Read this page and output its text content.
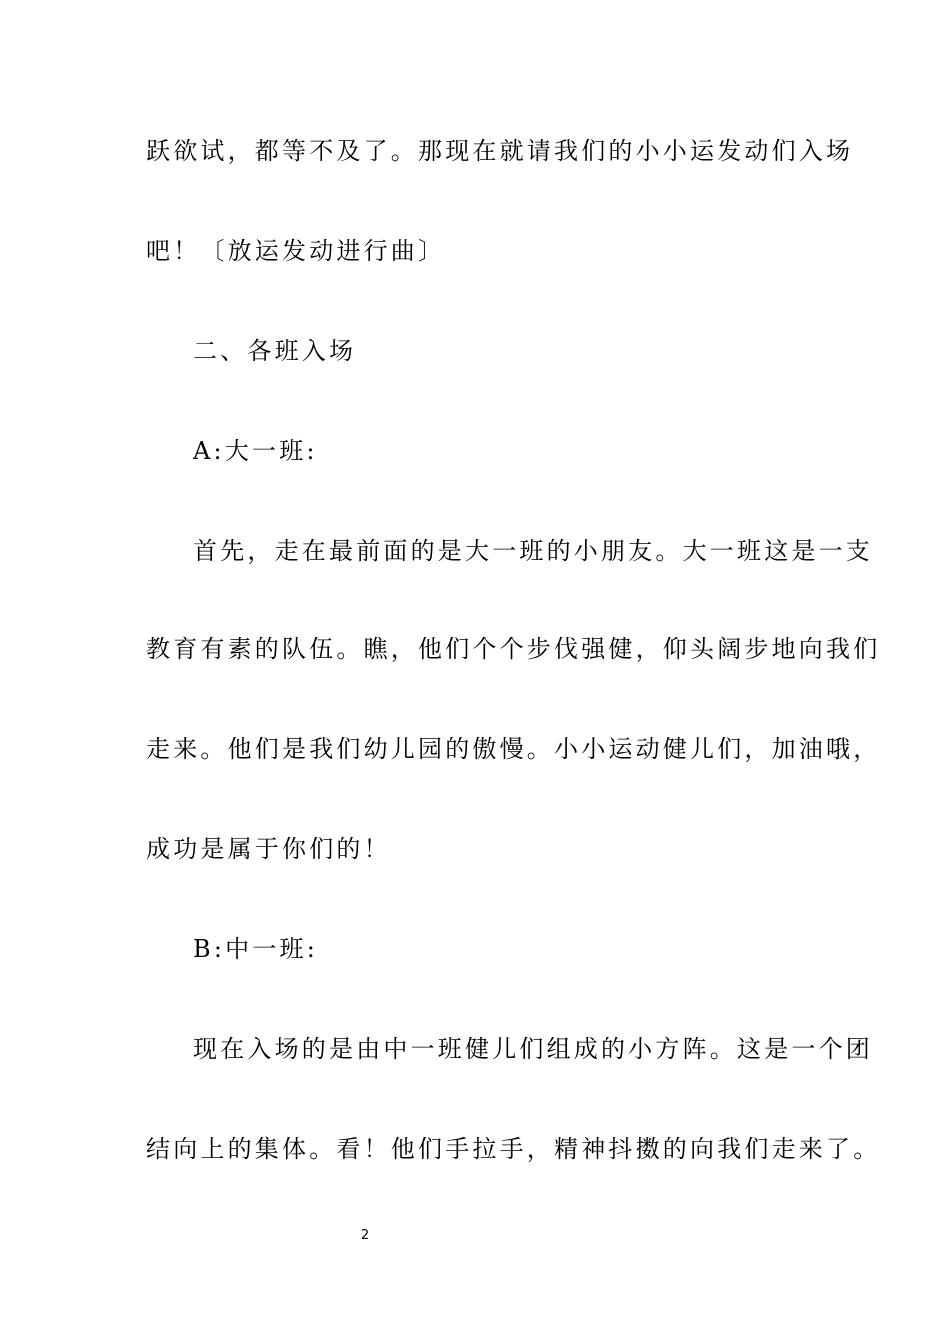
跃欲试，都等不及了。那现在就请我们的小小运发动们入场
吧！〔放运发动进行曲〕
二、各班入场
A:大一班:
首先，走在最前面的是大一班的小朋友。大一班这是一支
教育有素的队伍。瞧，他们个个步伐强健，仰头阔步地向我们
走来。他们是我们幼儿园的傲慢。小小运动健儿们，加油哦，
成功是属于你们的！
B:中一班:
现在入场的是由中一班健儿们组成的小方阵。这是一个团
结向上的集体。看！他们手拉手，精神抖擞的向我们走来了。
2
